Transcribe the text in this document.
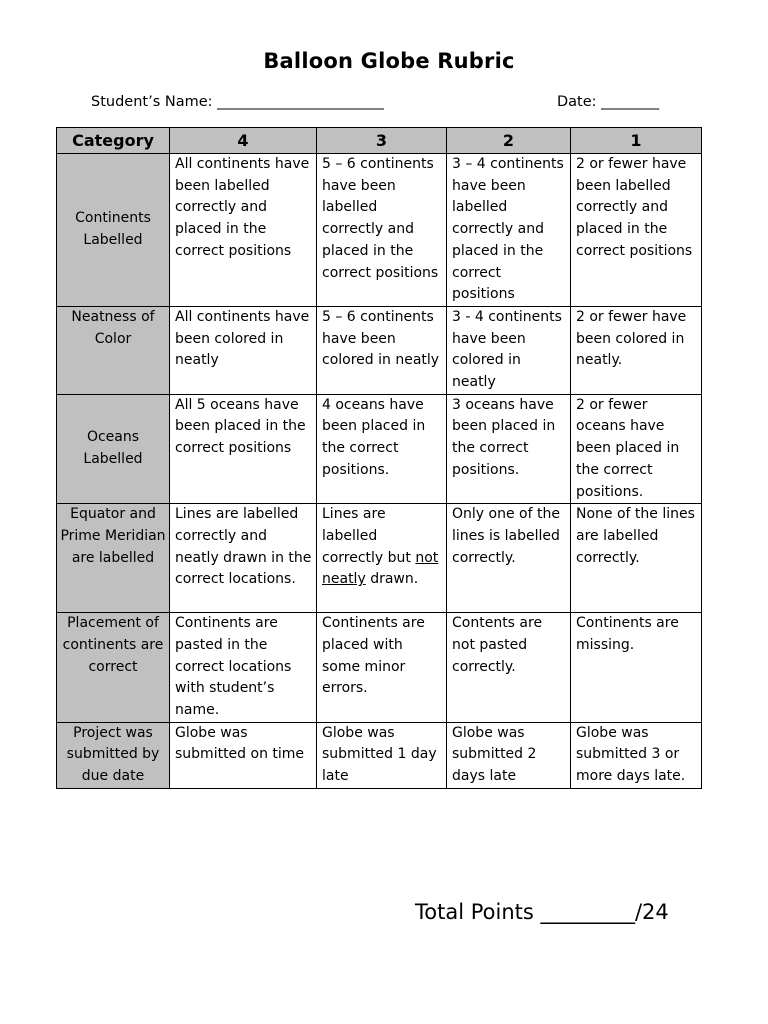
Balloon Globe Rubric
Student’s Name: _______________________	Date: ________
Category	4	3	2	1
Continents Labelled	All continents have been labelled correctly and placed in the correct positions	5 – 6 continents have been labelled correctly and placed in the correct positions	3 – 4 continents have been labelled correctly and placed in the correct positions	2 or fewer have been labelled correctly and placed in the correct positions
Neatness of Color	All continents have been colored in neatly	5 – 6 continents have been colored in neatly	3 - 4 continents have been colored in neatly	2 or fewer have been colored in neatly.
Oceans Labelled	All 5 oceans have been placed in the correct positions	4 oceans have been placed in the correct positions.	3 oceans have been placed in the correct positions.	2 or fewer oceans have been placed in the correct positions.
Equator and Prime Meridian are labelled	Lines are labelled correctly and neatly drawn in the correct locations.	Lines are labelled correctly but not neatly drawn.	Only one of the lines is labelled correctly.	None of the lines are labelled correctly.
Placement of continents are correct	Continents are pasted in the correct locations with student’s name.	Continents are placed with some minor errors.	Contents are not pasted correctly.	Continents are missing.
Project was submitted by due date	Globe was submitted on time	Globe was submitted 1 day late	Globe was submitted 2 days late	Globe was submitted 3 or more days late.
Total Points _________/24
